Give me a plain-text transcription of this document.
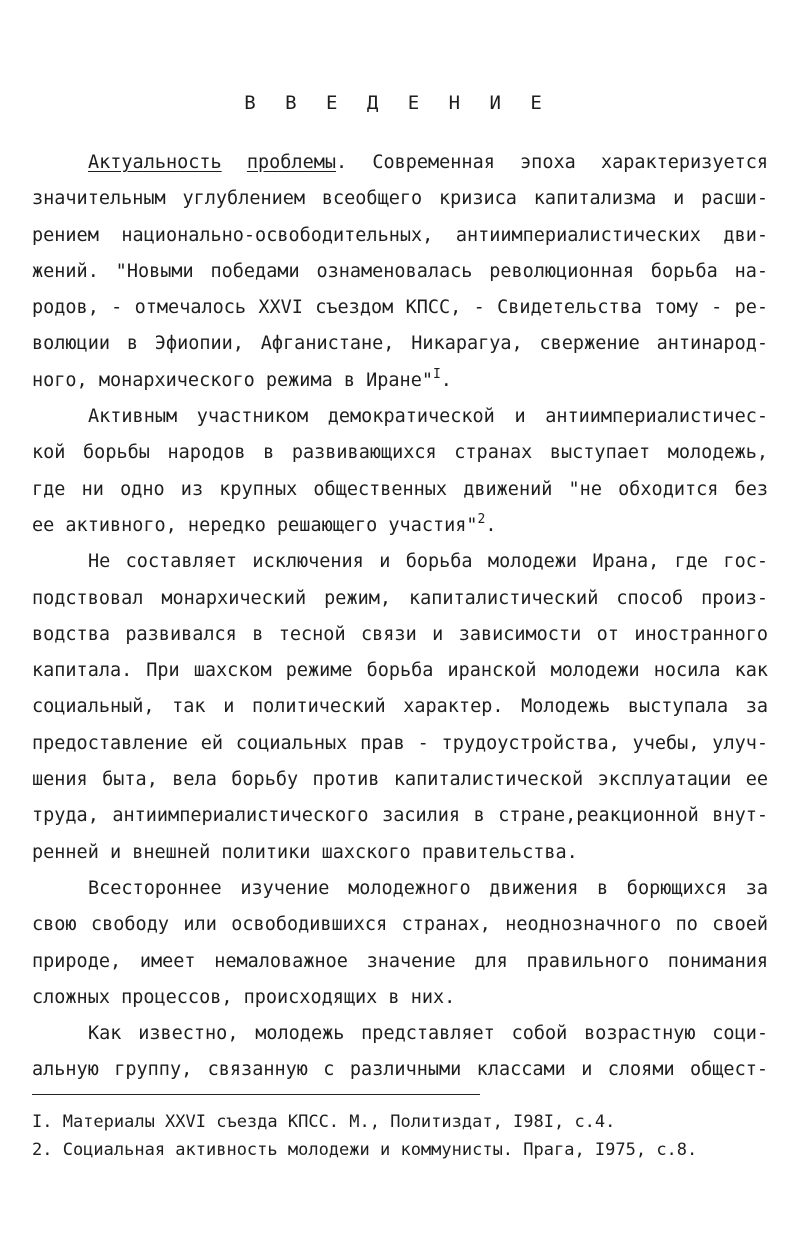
В В Е Д Е Н И Е
Актуальность проблемы. Современная эпоха характеризуется
значительным углублением всеобщего кризиса капитализма и расши-
рением национально-освободительных, антиимпериалистических дви-
жений. "Новыми победами ознаменовалась революционная борьба на-
родов, - отмечалось XXVI съездом КПСС, - Свидетельства тому - ре-
волюции в Эфиопии, Афганистане, Никарагуа, свержение антинарод-
ного, монархического режима в Иране"$^I$.
Активным участником демократической и антиимпериалистичес-
кой борьбы народов в развивающихся странах выступает молодежь,
где ни одно из крупных общественных движений "не обходится без
ее активного, нередко решающего участия"$^2$.
Не составляет исключения и борьба молодежи Ирана, где гос-
подствовал монархический режим, капиталистический способ произ-
водства развивался в тесной связи и зависимости от иностранного
капитала. При шахском режиме борьба иранской молодежи носила как
социальный, так и политический характер. Молодежь выступала за
предоставление ей социальных прав - трудоустройства, учебы, улуч-
шения быта, вела борьбу против капиталистической эксплуатации ее
труда, антиимпериалистического засилия в стране,реакционной внут-
ренней и внешней политики шахского правительства.
Всестороннее изучение молодежного движения в борющихся за
свою свободу или освободившихся странах, неоднозначного по своей
природе, имеет немаловажное значение для правильного понимания
сложных процессов, происходящих в них.
Как известно, молодежь представляет собой возрастную соци-
альную группу, связанную с различными классами и слоями общест-
I. Материалы XXVI съезда КПСС. М., Политиздат, I98I, с.4.
2. Социальная активность молодежи и коммунисты. Прага, I975, с.8.
